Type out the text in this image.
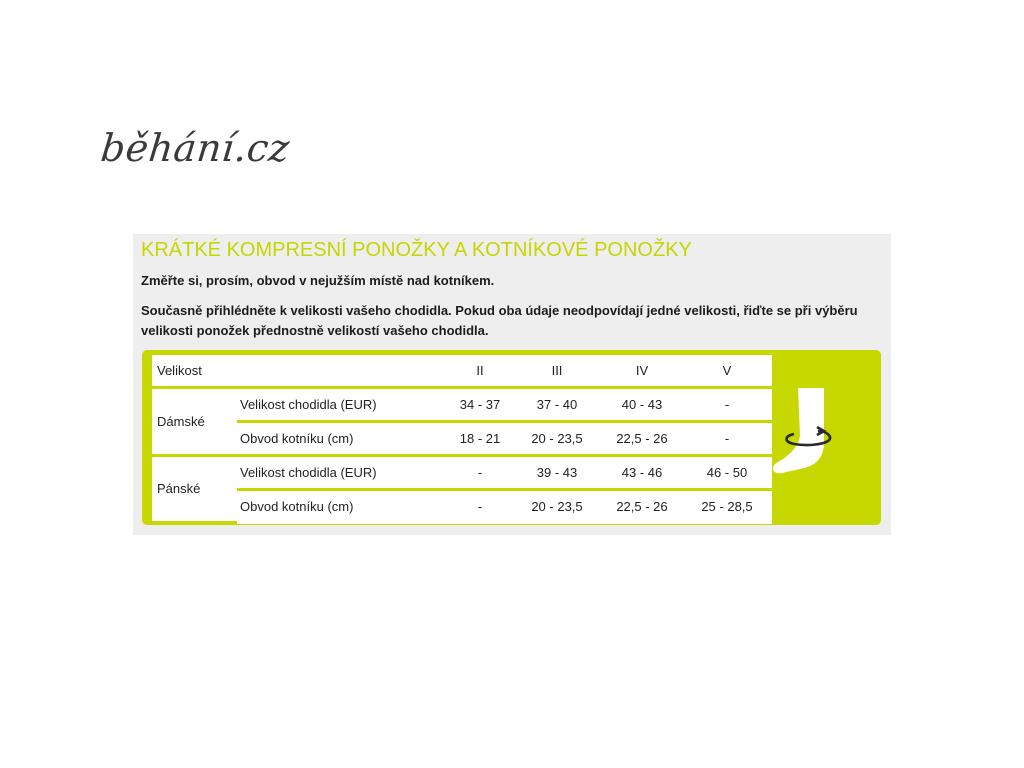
běhání.cz
KRÁTKÉ KOMPRESNÍ PONOŽKY A KOTNÍKOVÉ PONOŽKY
Změřte si, prosím, obvod v nejužším místě nad kotníkem.
Současně přihlédněte k velikosti vašeho chodidla. Pokud oba údaje neodpovídají jedné velikosti, řiďte se při výběru velikosti ponožek přednostně velikostí vašeho chodidla.
Velikost		II	III	IV	V
Dámské	Velikost chodidla (EUR)	34 - 37	37 - 40	40 - 43	-
	Obvod kotníku (cm)	18 - 21	20 - 23,5	22,5 - 26	-
Pánské	Velikost chodidla (EUR)	-	39 - 43	43 - 46	46 - 50
	Obvod kotníku (cm)	-	20 - 23,5	22,5 - 26	25 - 28,5
